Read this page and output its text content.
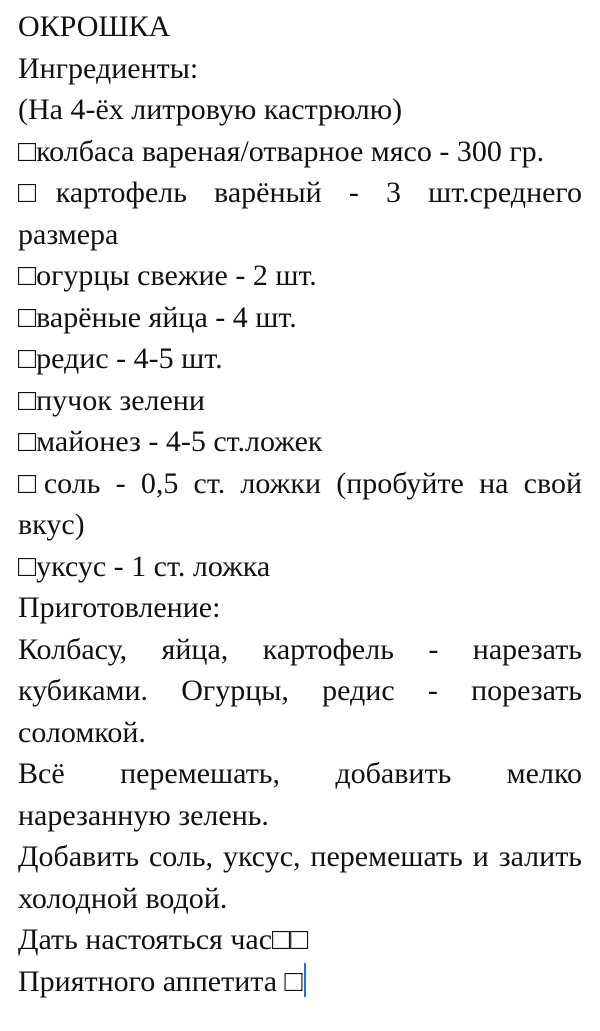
ОКРОШКА
Ингредиенты:
(На 4-ёх литровую кастрюлю)
□колбаса вареная/отварное мясо - 300 гр.
□картофель варёный - 3 шт.среднего размера
□огурцы свежие - 2 шт.
□варёные яйца - 4 шт.
□редис - 4-5 шт.
□пучок зелени
□майонез - 4-5 ст.ложек
□соль - 0,5 ст. ложки (пробуйте на свой вкус)
□уксус - 1 ст. ложка
Приготовление:
Колбасу, яйца, картофель - нарезать кубиками. Огурцы, редис - порезать соломкой.
Всё перемешать, добавить мелко нарезанную зелень.
Добавить соль, уксус, перемешать и залить холодной водой.
Дать настояться час□□
Приятного аппетита □
